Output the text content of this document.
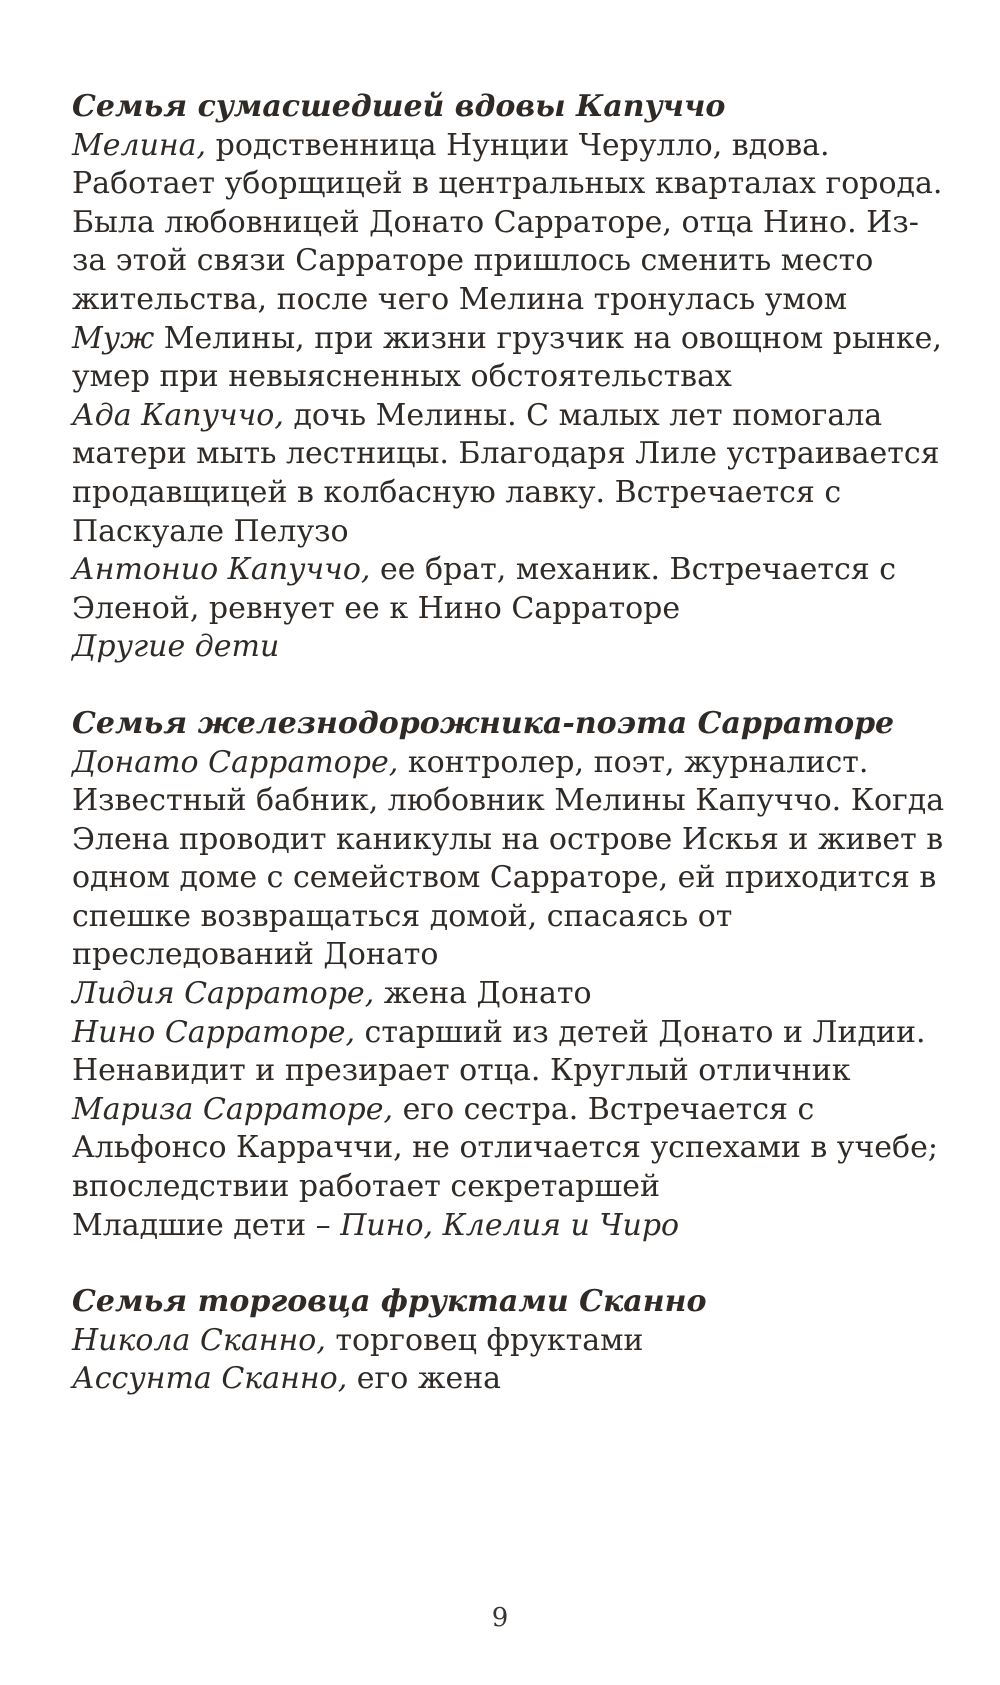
Семья сумасшедшей вдовы Капуччо

Мелина, родственница Нунции Черулло, вдова. Работает уборщицей в центральных кварталах города. Была любовницей Донато Сарраторе, отца Нино. Из-за этой связи Сарраторе пришлось сменить место жительства, после чего Мелина тронулась умом

Муж Мелины, при жизни грузчик на овощном рынке, умер при невыясненных обстоятельствах

Ада Капуччо, дочь Мелины. С малых лет помогала матери мыть лестницы. Благодаря Лиле устраивается продавщицей в колбасную лавку. Встречается с Паскуале Пелузо

Антонио Капуччо, ее брат, механик. Встречается с Эленой, ревнует ее к Нино Сарраторе

Другие дети

Семья железнодорожника-поэта Сарраторе

Донато Сарраторе, контролер, поэт, журналист. Известный бабник, любовник Мелины Капуччо. Когда Элена проводит каникулы на острове Искья и живет в одном доме с семейством Сарраторе, ей приходится в спешке возвращаться домой, спасаясь от преследований Донато

Лидия Сарраторе, жена Донато

Нино Сарраторе, старший из детей Донато и Лидии. Ненавидит и презирает отца. Круглый отличник

Мариза Сарраторе, его сестра. Встречается с Альфонсо Карраччи, не отличается успехами в учебе; впоследствии работает секретаршей

Младшие дети – Пино, Клелия и Чиро

Семья торговца фруктами Сканно

Никола Сканно, торговец фруктами

Ассунта Сканно, его жена

9
